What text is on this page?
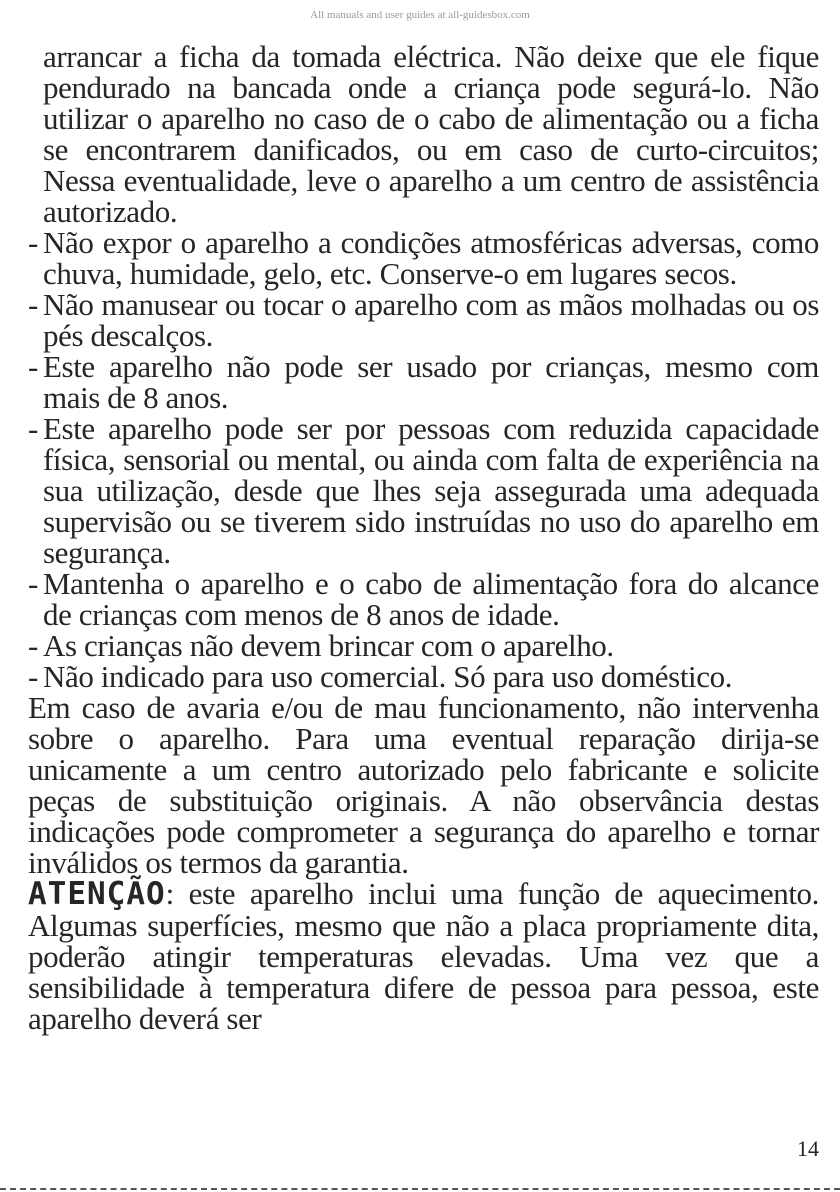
All manuals and user guides at all-guidesbox.com

arrancar a ficha da tomada eléctrica. Não deixe que ele fique pendurado na bancada onde a criança pode segurá-lo. Não utilizar o aparelho no caso de o cabo de alimentação ou a ficha se encontrarem danificados, ou em caso de curto-circuitos; Nessa eventualidade, leve o aparelho a um centro de assistência autorizado.

- Não expor o aparelho a condições atmosféricas adversas, como chuva, humidade, gelo, etc. Conserve-o em lugares secos.
- Não manusear ou tocar o aparelho com as mãos molhadas ou os pés descalços.
- Este aparelho não pode ser usado por crianças, mesmo com mais de 8 anos.
- Este aparelho pode ser por pessoas com reduzida capacidade física, sensorial ou mental, ou ainda com falta de experiência na sua utilização, desde que lhes seja assegurada uma adequada supervisão ou se tiverem sido instruídas no uso do aparelho em segurança.
- Mantenha o aparelho e o cabo de alimentação fora do alcance de crianças com menos de 8 anos de idade.
- As crianças não devem brincar com o aparelho.
- Não indicado para uso comercial. Só para uso doméstico.

Em caso de avaria e/ou de mau funcionamento, não intervenha sobre o aparelho. Para uma eventual reparação dirija-se unicamente a um centro autorizado pelo fabricante e solicite peças de substituição originais. A não observância destas indicações pode comprometer a segurança do aparelho e tornar inválidos os termos da garantia.

ATENÇÃO: este aparelho inclui uma função de aquecimento. Algumas superfícies, mesmo que não a placa propriamente dita, poderão atingir temperaturas elevadas. Uma vez que a sensibilidade à temperatura difere de pessoa para pessoa, este aparelho deverá ser

14
